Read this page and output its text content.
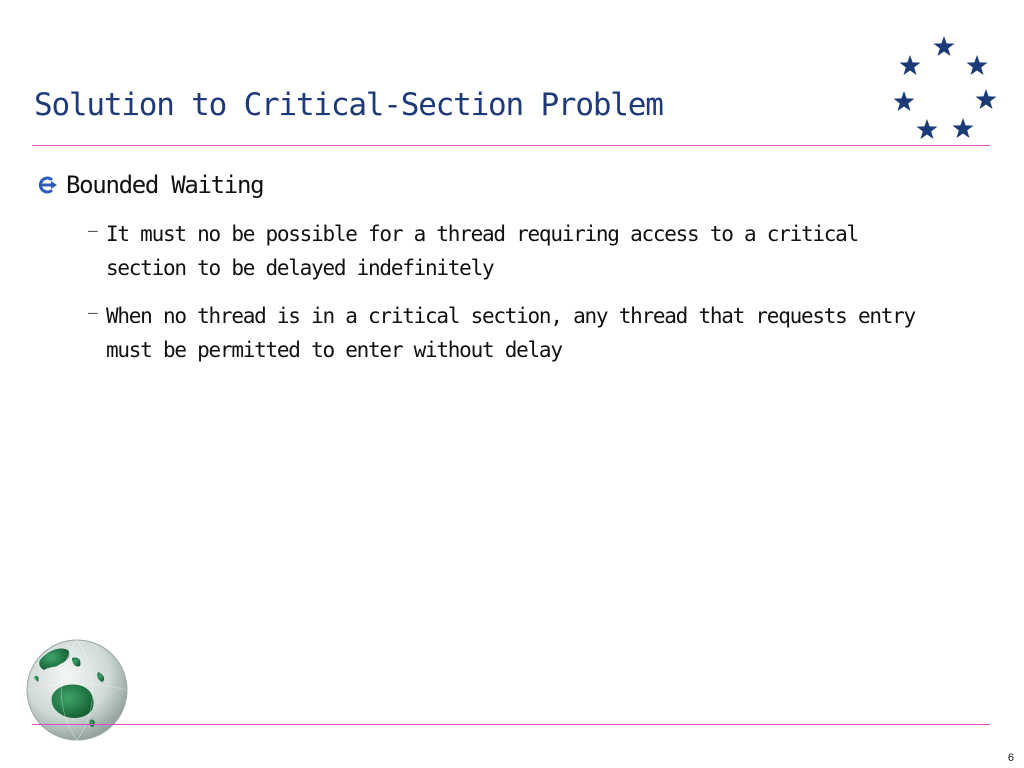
Solution to Critical-Section Problem
Bounded Waiting
– It must no be possible for a thread requiring access to a critical section to be delayed indefinitely
– When no thread is in a critical section, any thread that requests entry must be permitted to enter without delay
6
